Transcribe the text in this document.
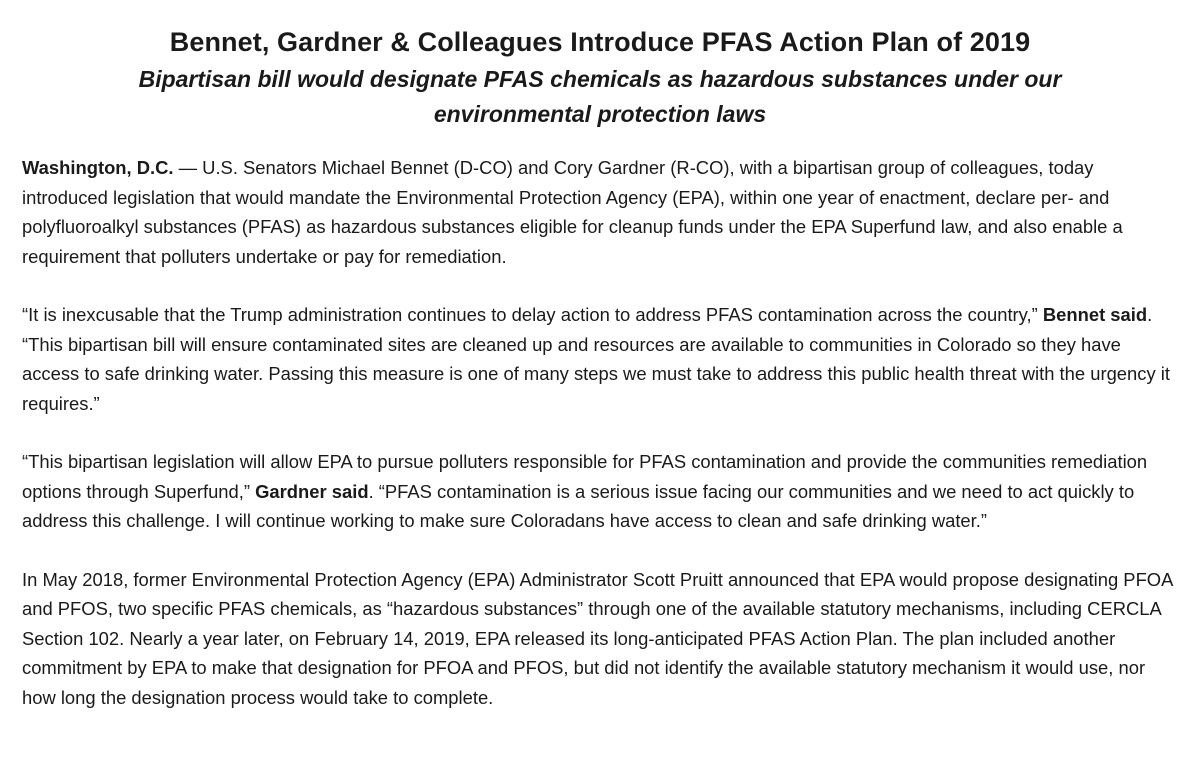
Bennet, Gardner & Colleagues Introduce PFAS Action Plan of 2019
Bipartisan bill would designate PFAS chemicals as hazardous substances under our environmental protection laws

Washington, D.C. — U.S. Senators Michael Bennet (D-CO) and Cory Gardner (R-CO), with a bipartisan group of colleagues, today introduced legislation that would mandate the Environmental Protection Agency (EPA), within one year of enactment, declare per- and polyfluoroalkyl substances (PFAS) as hazardous substances eligible for cleanup funds under the EPA Superfund law, and also enable a requirement that polluters undertake or pay for remediation.

“It is inexcusable that the Trump administration continues to delay action to address PFAS contamination across the country,” Bennet said. “This bipartisan bill will ensure contaminated sites are cleaned up and resources are available to communities in Colorado so they have access to safe drinking water. Passing this measure is one of many steps we must take to address this public health threat with the urgency it requires.”

“This bipartisan legislation will allow EPA to pursue polluters responsible for PFAS contamination and provide the communities remediation options through Superfund,” Gardner said. “PFAS contamination is a serious issue facing our communities and we need to act quickly to address this challenge. I will continue working to make sure Coloradans have access to clean and safe drinking water.”

In May 2018, former Environmental Protection Agency (EPA) Administrator Scott Pruitt announced that EPA would propose designating PFOA and PFOS, two specific PFAS chemicals, as “hazardous substances” through one of the available statutory mechanisms, including CERCLA Section 102. Nearly a year later, on February 14, 2019, EPA released its long-anticipated PFAS Action Plan. The plan included another commitment by EPA to make that designation for PFOA and PFOS, but did not identify the available statutory mechanism it would use, nor how long the designation process would take to complete.
